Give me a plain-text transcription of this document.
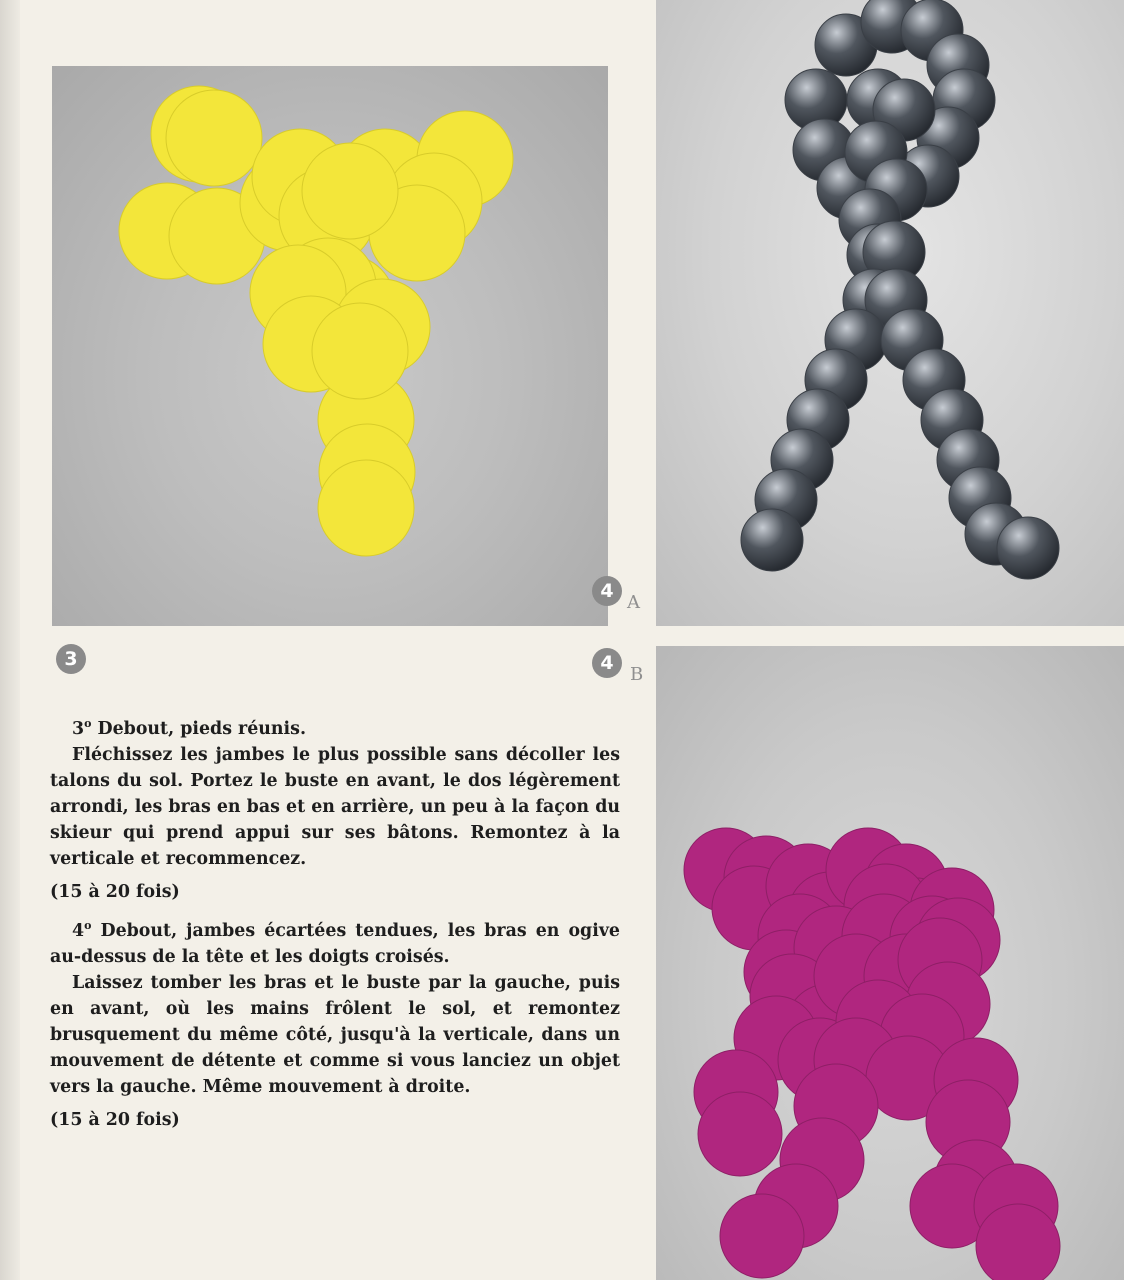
3
4
A
4
B

3$^o$ Debout, pieds réunis.

Fléchissez les jambes le plus possible sans décoller les talons du sol. Portez le buste en avant, le dos légèrement arrondi, les bras en bas et en arrière, un peu à la façon du skieur qui prend appui sur ses bâtons. Remontez à la verticale et recommencez.

(15 à 20 fois)

4$^o$ Debout, jambes écartées tendues, les bras en ogive au-dessus de la tête et les doigts croisés.

Laissez tomber les bras et le buste par la gauche, puis en avant, où les mains frôlent le sol, et remontez brusquement du même côté, jusqu'à la verticale, dans un mouvement de détente et comme si vous lanciez un objet vers la gauche. Même mouvement à droite.

(15 à 20 fois)
